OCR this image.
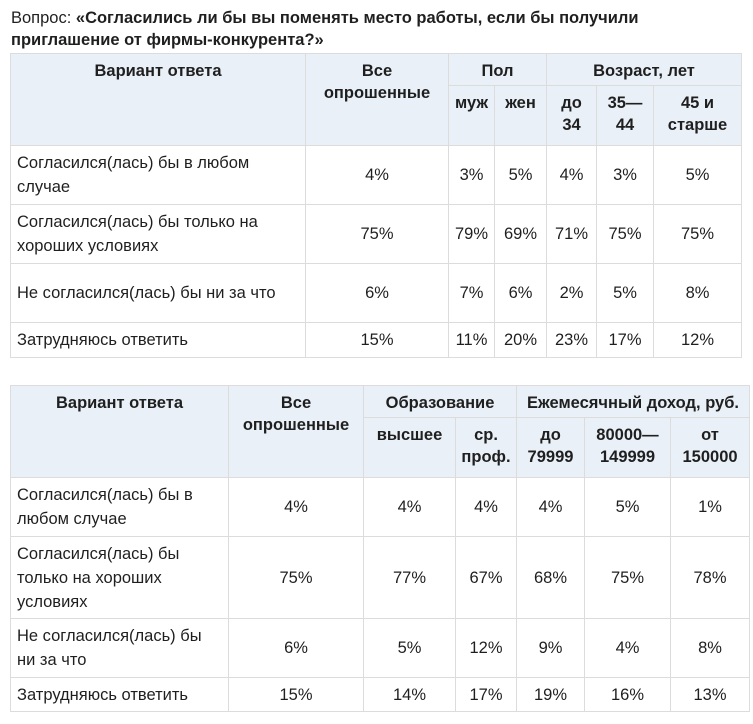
Вопрос: «Согласились ли бы вы поменять место работы, если бы получили приглашение от фирмы-конкурента?»
Вариант ответа	Все опрошенные	Пол		Возраст, лет		
		муж	жен	до 34	35—44	45 и старше
Согласился(лась) бы в любом случае	4%	3%	5%	4%	3%	5%
Согласился(лась) бы только на хороших условиях	75%	79%	69%	71%	75%	75%
Не согласился(лась) бы ни за что	6%	7%	6%	2%	5%	8%
Затрудняюсь ответить	15%	11%	20%	23%	17%	12%
Вариант ответа	Все опрошенные	Образование		Ежемесячный доход, руб.		
		высшее	ср. проф.	до 79999	80000—149999	от 150000
Согласился(лась) бы в любом случае	4%	4%	4%	4%	5%	1%
Согласился(лась) бы только на хороших условиях	75%	77%	67%	68%	75%	78%
Не согласился(лась) бы ни за что	6%	5%	12%	9%	4%	8%
Затрудняюсь ответить	15%	14%	17%	19%	16%	13%
